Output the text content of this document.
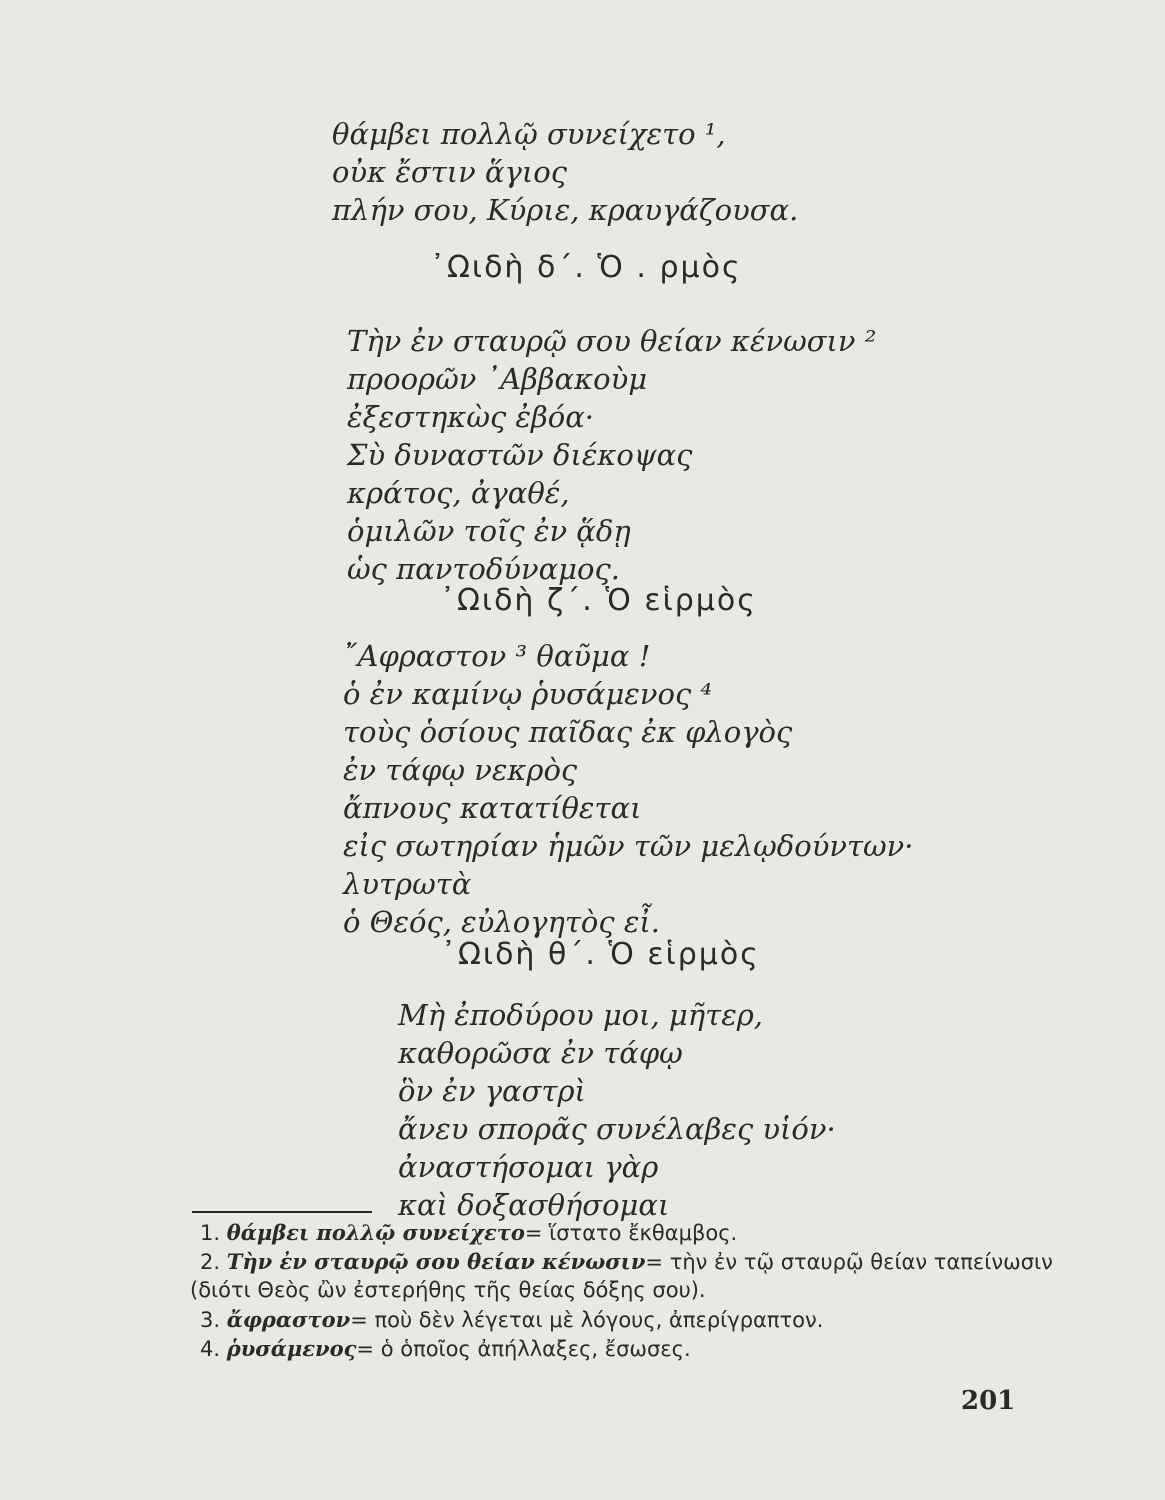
θάμβει πολλῷ συνείχετο ¹,
οὐκ ἔστιν ἅγιος
πλήν σου, Κύριε, κραυγάζουσα.
᾿Ωιδὴ δ΄. Ὁ . ρμὸς
Τὴν ἐν σταυρῷ σου θείαν κένωσιν ²
προορῶν ᾿Αββακοὺμ
ἐξεστηκὼς ἐβόα·
Σὺ δυναστῶν διέκοψας
κράτος, ἀγαθέ,
ὁμιλῶν τοῖς ἐν ᾅδῃ
ὡς παντοδύναμος.
᾿Ωιδὴ ζ΄. Ὁ εἱρμὸς
῎Αφραστον ³ θαῦμα !
ὁ ἐν καμίνῳ ῥυσάμενος ⁴
τοὺς ὁσίους παῖδας ἐκ φλογὸς
ἐν τάφῳ νεκρὸς
ἄπνους κατατίθεται
εἰς σωτηρίαν ἡμῶν τῶν μελῳδούντων·
λυτρωτὰ
ὁ Θεός, εὐλογητὸς εἶ.
᾿Ωιδὴ θ΄. Ὁ εἱρμὸς
Μὴ ἐποδύρου μοι, μῆτερ,
καθορῶσα ἐν τάφῳ
ὃν ἐν γαστρὶ
ἄνευ σπορᾶς συνέλαβες υἱόν·
ἀναστήσομαι γὰρ
καὶ δοξασθήσομαι
1. θάμβει πολλῷ συνείχετο= ἵστατο ἔκθαμβος.
2. Τὴν ἐν σταυρῷ σου θείαν κένωσιν= τὴν ἐν τῷ σταυρῷ θείαν ταπείνωσιν
(διότι Θεὸς ὢν ἐστερήθης τῆς θείας δόξης σου).
3. ἄφραστον= ποὺ δὲν λέγεται μὲ λόγους, ἀπερίγραπτον.
4. ῥυσάμενος= ὁ ὁποῖος ἀπήλλαξες, ἔσωσες.
201
